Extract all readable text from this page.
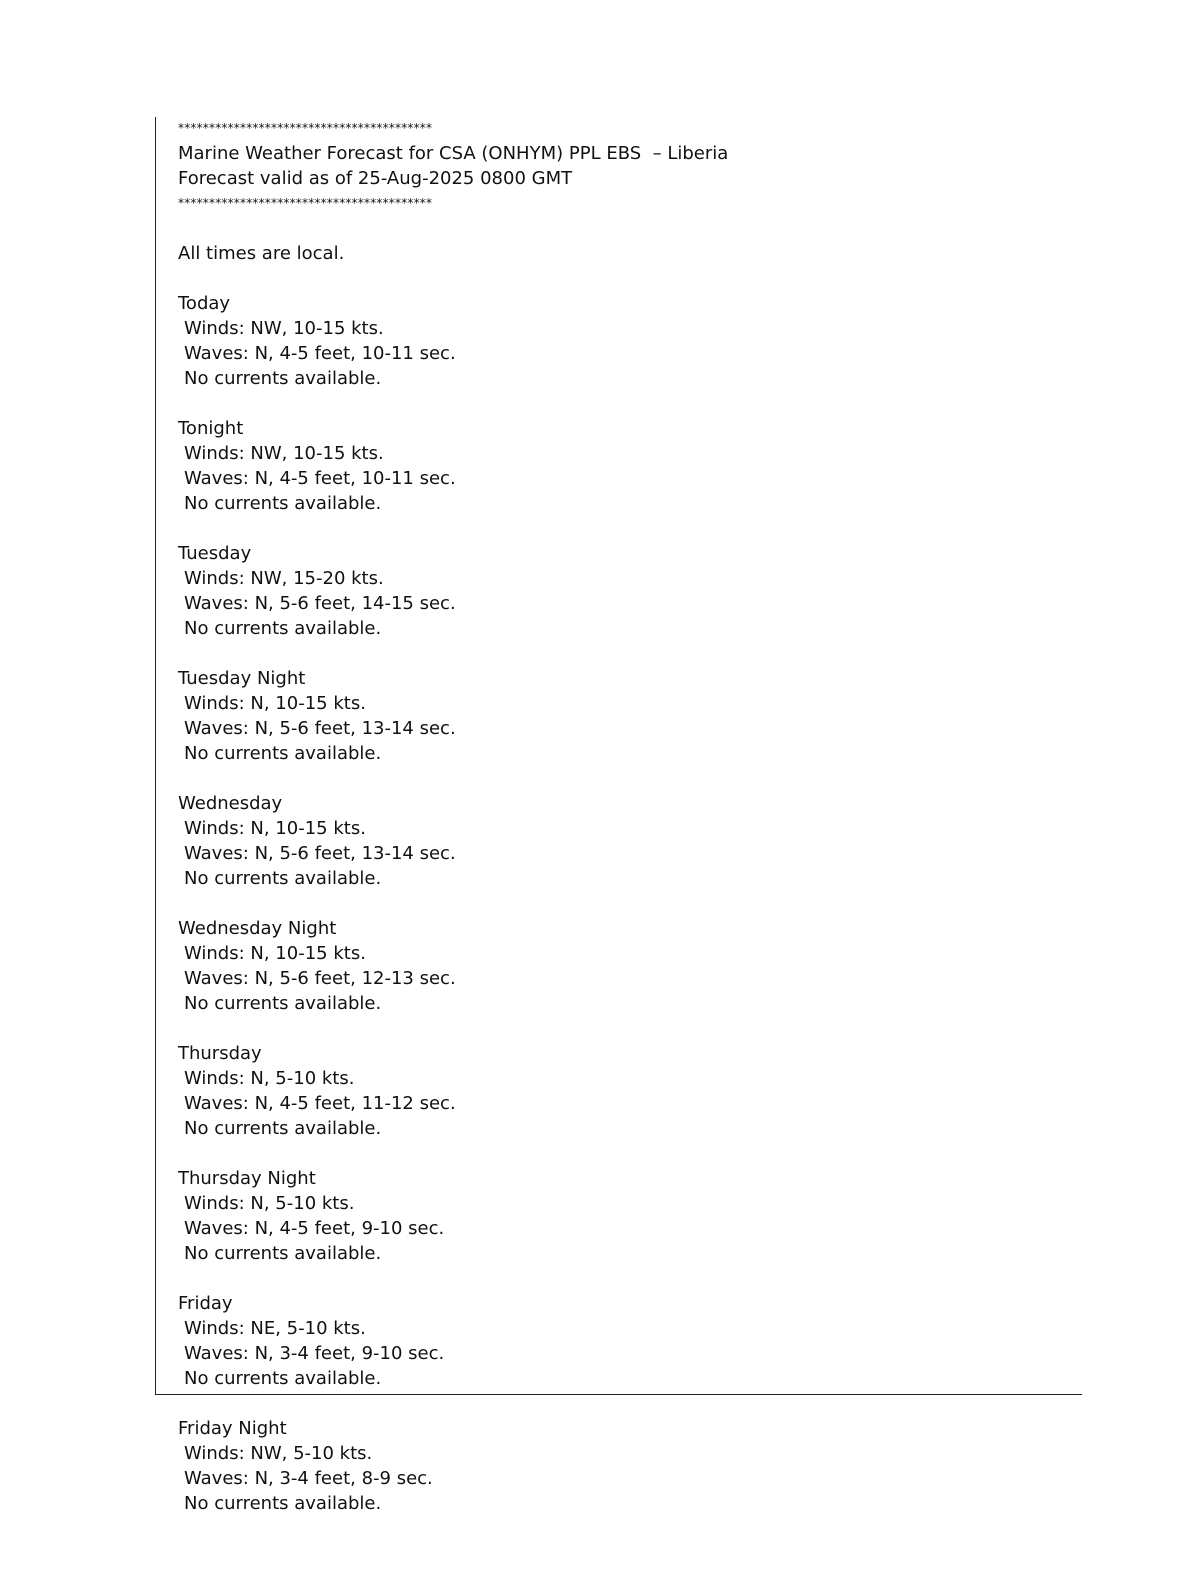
*****************************************
Marine Weather Forecast for CSA (ONHYM) PPL EBS  – Liberia
Forecast valid as of 25-Aug-2025 0800 GMT
*****************************************
All times are local.
Today
Winds: NW, 10-15 kts.
Waves: N, 4-5 feet, 10-11 sec.
No currents available.
Tonight
Winds: NW, 10-15 kts.
Waves: N, 4-5 feet, 10-11 sec.
No currents available.
Tuesday
Winds: NW, 15-20 kts.
Waves: N, 5-6 feet, 14-15 sec.
No currents available.
Tuesday Night
Winds: N, 10-15 kts.
Waves: N, 5-6 feet, 13-14 sec.
No currents available.
Wednesday
Winds: N, 10-15 kts.
Waves: N, 5-6 feet, 13-14 sec.
No currents available.
Wednesday Night
Winds: N, 10-15 kts.
Waves: N, 5-6 feet, 12-13 sec.
No currents available.
Thursday
Winds: N, 5-10 kts.
Waves: N, 4-5 feet, 11-12 sec.
No currents available.
Thursday Night
Winds: N, 5-10 kts.
Waves: N, 4-5 feet, 9-10 sec.
No currents available.
Friday
Winds: NE, 5-10 kts.
Waves: N, 3-4 feet, 9-10 sec.
No currents available.
Friday Night
Winds: NW, 5-10 kts.
Waves: N, 3-4 feet, 8-9 sec.
No currents available.
